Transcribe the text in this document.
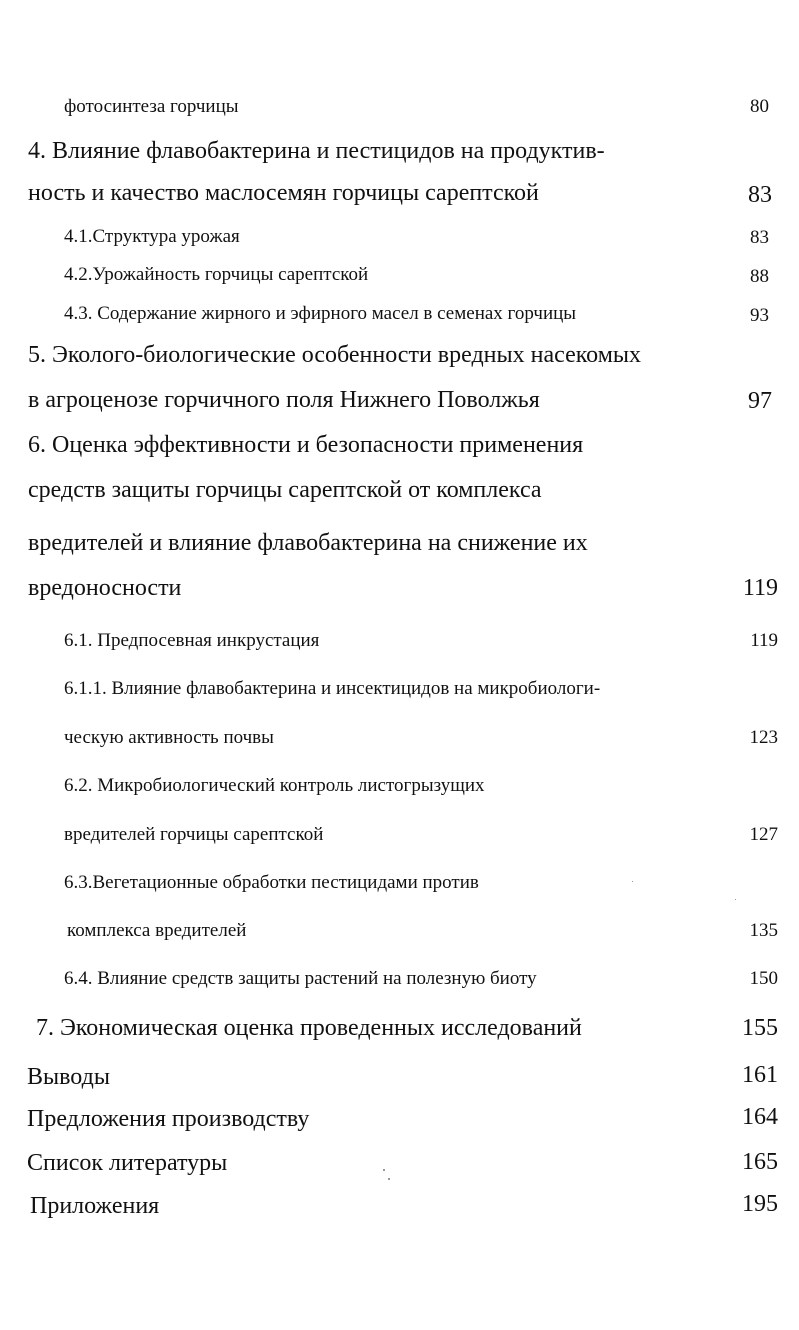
фотосинтеза горчицы	80
4. Влияние флавобактерина и пестицидов на продуктив-
ность и качество маслосемян горчицы сарептской	83
4.1.Структура урожая	83
4.2.Урожайность горчицы сарептской	88
4.3. Содержание жирного и эфирного масел в семенах горчицы	93
5. Эколого-биологические особенности вредных насекомых
в агроценозе горчичного поля Нижнего Поволжья	97
6. Оценка эффективности и безопасности применения
средств защиты горчицы сарептской от комплекса
вредителей и влияние флавобактерина на снижение их
вредоносности	119
6.1. Предпосевная инкрустация	119
6.1.1. Влияние флавобактерина и инсектицидов на микробиологи-
ческую активность почвы	123
6.2. Микробиологический контроль листогрызущих
вредителей горчицы сарептской	127
6.3.Вегетационные обработки пестицидами против
комплекса вредителей	135
6.4. Влияние средств защиты растений на полезную биоту	150
7. Экономическая оценка проведенных исследований	155
Выводы	161
Предложения производству	164
Список литературы	165
Приложения	195
